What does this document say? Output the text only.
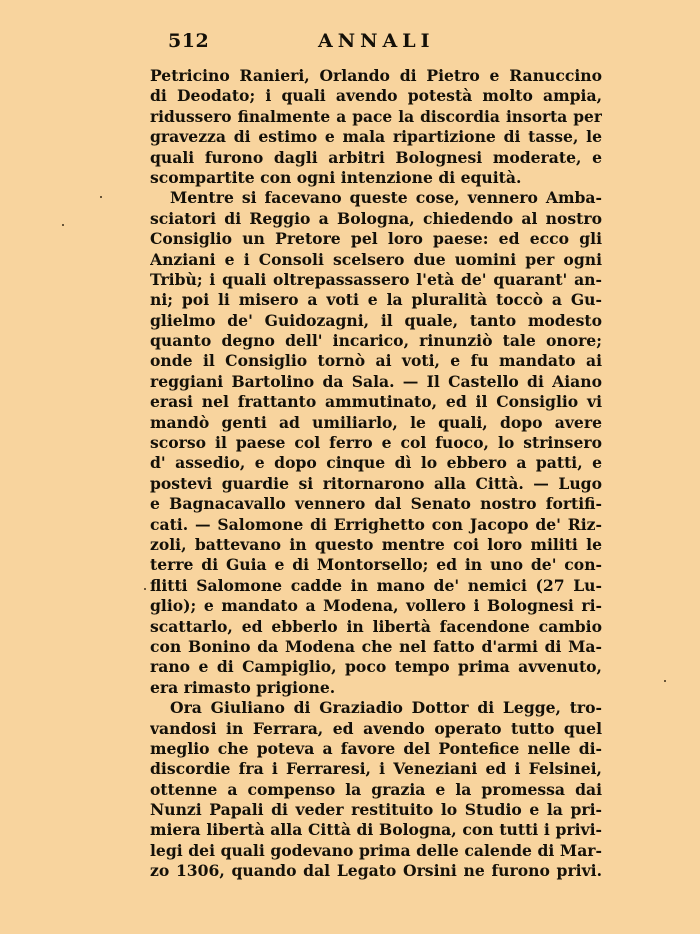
512	ANNALI
Petricino Ranieri, Orlando di Pietro e Ranuccino
di Deodato; i quali avendo potestà molto ampia,
ridussero finalmente a pace la discordia insorta per
gravezza di estimo e mala ripartizione di tasse, le
quali furono dagli arbitri Bolognesi moderate, e
scompartite con ogni intenzione di equità.
Mentre si facevano queste cose, vennero Amba-
sciatori di Reggio a Bologna, chiedendo al nostro
Consiglio un Pretore pel loro paese: ed ecco gli
Anziani e i Consoli scelsero due uomini per ogni
Tribù; i quali oltrepassassero l'età de' quarant' an-
ni; poi li misero a voti e la pluralità toccò a Gu-
glielmo de' Guidozagni, il quale, tanto modesto
quanto degno dell' incarico, rinunziò tale onore;
onde il Consiglio tornò ai voti, e fu mandato ai
reggiani Bartolino da Sala. — Il Castello di Aiano
erasi nel frattanto ammutinato, ed il Consiglio vi
mandò genti ad umiliarlo, le quali, dopo avere
scorso il paese col ferro e col fuoco, lo strinsero
d' assedio, e dopo cinque dì lo ebbero a patti, e
postevi guardie si ritornarono alla Città. — Lugo
e Bagnacavallo vennero dal Senato nostro fortifi-
cati. — Salomone di Errighetto con Jacopo de' Riz-
zoli, battevano in questo mentre coi loro militi le
terre di Guia e di Montorsello; ed in uno de' con-
flitti Salomone cadde in mano de' nemici (27 Lu-
glio); e mandato a Modena, vollero i Bolognesi ri-
scattarlo, ed ebberlo in libertà facendone cambio
con Bonino da Modena che nel fatto d'armi di Ma-
rano e di Campiglio, poco tempo prima avvenuto,
era rimasto prigione.
Ora Giuliano di Graziadio Dottor di Legge, tro-
vandosi in Ferrara, ed avendo operato tutto quel
meglio che poteva a favore del Pontefice nelle di-
discordie fra i Ferraresi, i Veneziani ed i Felsinei,
ottenne a compenso la grazia e la promessa dai
Nunzi Papali di veder restituito lo Studio e la pri-
miera libertà alla Città di Bologna, con tutti i privi-
legi dei quali godevano prima delle calende di Mar-
zo 1306, quando dal Legato Orsini ne furono privi.
